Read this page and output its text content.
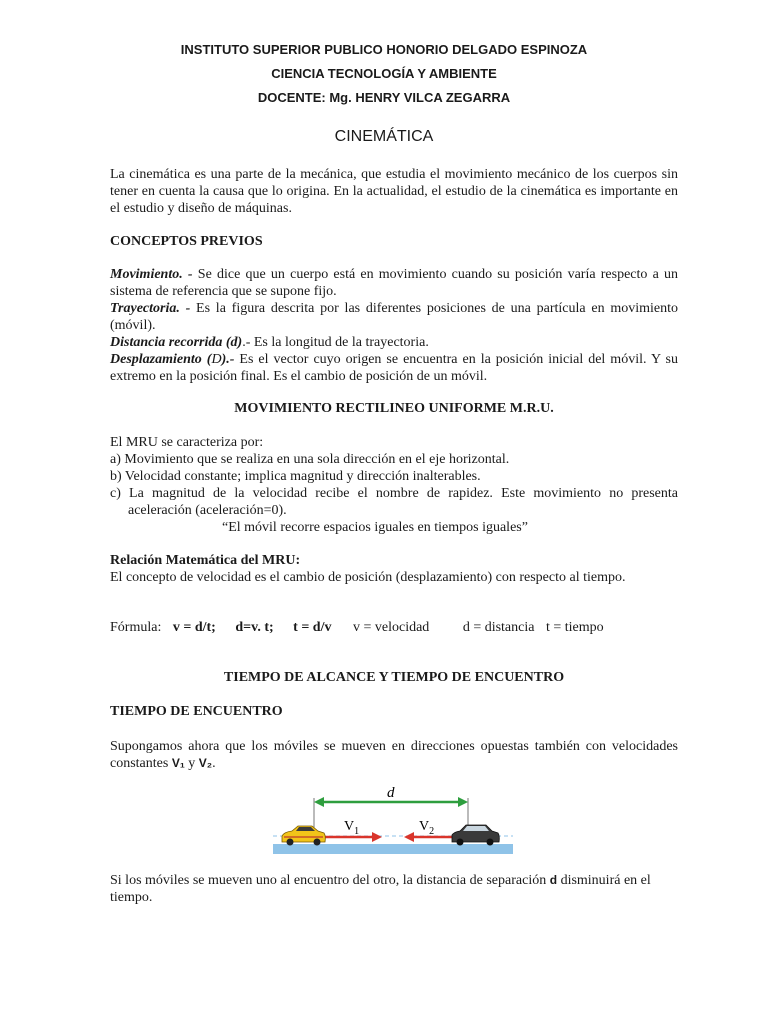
INSTITUTO SUPERIOR PUBLICO HONORIO DELGADO ESPINOZA
CIENCIA TECNOLOGÍA Y AMBIENTE
DOCENTE: Mg. HENRY VILCA ZEGARRA
CINEMÁTICA
La cinemática es una parte de la mecánica, que estudia el movimiento mecánico de los cuerpos sin tener en cuenta la causa que lo origina. En la actualidad, el estudio de la cinemática es importante en el estudio y diseño de máquinas.
CONCEPTOS PREVIOS
Movimiento. - Se dice que un cuerpo está en movimiento cuando su posición varía respecto a un sistema de referencia que se supone fijo.
Trayectoria. - Es la figura descrita por las diferentes posiciones de una partícula en movimiento (móvil).
Distancia recorrida (d).- Es la longitud de la trayectoria.
Desplazamiento (D).- Es el vector cuyo origen se encuentra en la posición inicial del móvil. Y su extremo en la posición final. Es el cambio de posición de un móvil.
MOVIMIENTO RECTILINEO UNIFORME M.R.U.
El MRU se caracteriza por:
a) Movimiento que se realiza en una sola dirección en el eje horizontal.
b) Velocidad constante; implica magnitud y dirección inalterables.
c) La magnitud de la velocidad recibe el nombre de rapidez. Este movimiento no presenta
aceleración (aceleración=0).
“El móvil recorre espacios iguales en tiempos iguales”
Relación Matemática del MRU:
El concepto de velocidad es el cambio de posición (desplazamiento) con respecto al tiempo.
Fórmula: v = d/t; d=v. t; t = d/v v = velocidad d = distancia t = tiempo
TIEMPO DE ALCANCE Y TIEMPO DE ENCUENTRO
TIEMPO DE ENCUENTRO
Supongamos ahora que los móviles se mueven en direcciones opuestas también con velocidades constantes V₁ y V₂.
d
$V_1$	$V_2$
Si los móviles se mueven uno al encuentro del otro, la distancia de separación d disminuirá en el tiempo.
